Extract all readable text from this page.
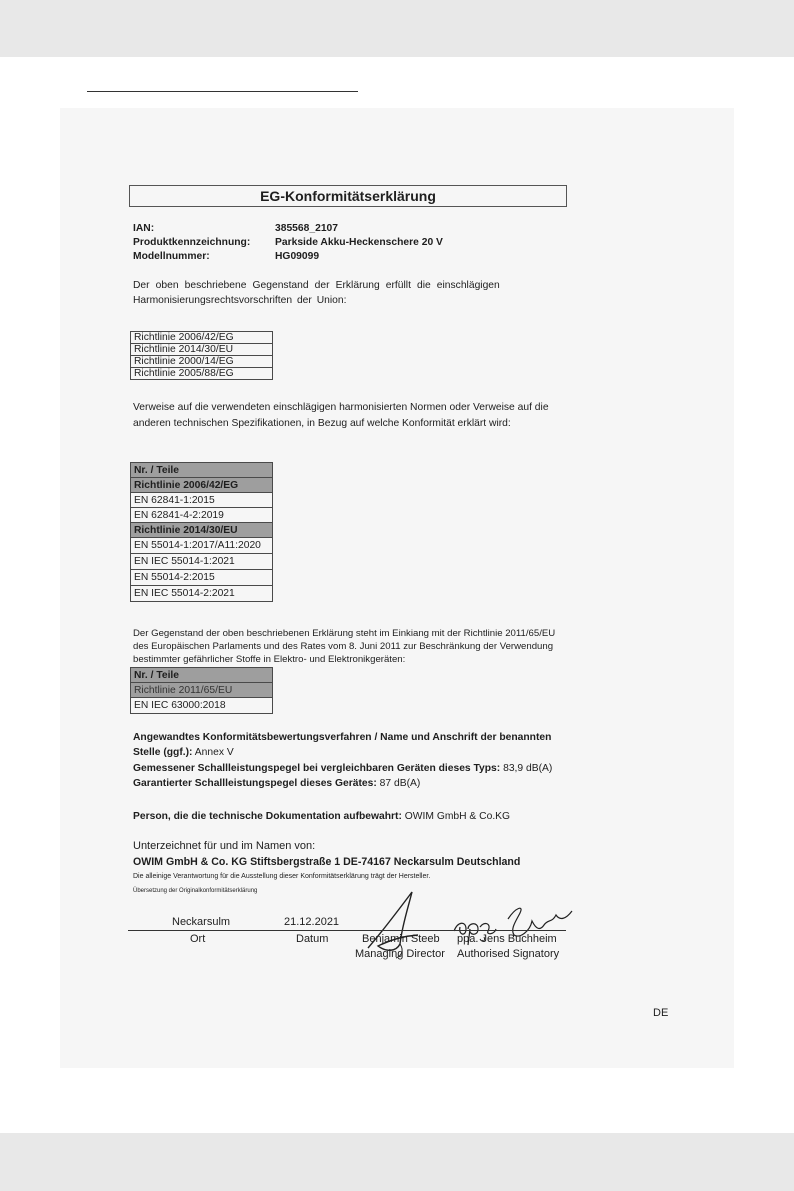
EG-Konformitätserklärung
IAN:	385568_2107
Produktkennzeichnung: Parkside Akku-Heckenschere 20 V
Modellnummer:	HG09099
Der oben beschriebene Gegenstand der Erklärung erfüllt die einschlägigen
Harmonisierungsrechtsvorschriften der Union:
Richtlinie 2006/42/EG
Richtlinie 2014/30/EU
Richtlinie 2000/14/EG
Richtlinie 2005/88/EG
Verweise auf die verwendeten einschlägigen harmonisierten Normen oder Verweise auf die
anderen technischen Spezifikationen, in Bezug auf welche Konformität erklärt wird:
Nr. / Teile
Richtlinie 2006/42/EG
EN 62841-1:2015
EN 62841-4-2:2019
Richtlinie 2014/30/EU
EN 55014-1:2017/A11:2020
EN IEC 55014-1:2021
EN 55014-2:2015
EN IEC 55014-2:2021
Der Gegenstand der oben beschriebenen Erklärung steht im Einkiang mit der Richtlinie 2011/65/EU
des Europäischen Parlaments und des Rates vom 8. Juni 2011 zur Beschränkung der Verwendung
bestimmter gefährlicher Stoffe in Elektro- und Elektronikgeräten:
Nr. / Teile
Richtlinie 2011/65/EU
EN IEC 63000:2018
Angewandtes Konformitätsbewertungsverfahren / Name und Anschrift der benannten
Stelle (ggf.): Annex V
Gemessener Schallleistungspegel bei vergleichbaren Geräten dieses Typs: 83,9 dB(A)
Garantierter Schallleistungspegel dieses Gerätes: 87 dB(A)
Person, die die technische Dokumentation aufbewahrt: OWIM GmbH & Co.KG
Unterzeichnet für und im Namen von:
OWIM GmbH & Co. KG Stiftsbergstraße 1 DE-74167 Neckarsulm Deutschland
Die alleinige Verantwortung für die Ausstellung dieser Konformitätserklärung trägt der Hersteller.
Übersetzung der Originalkonformitätserklärung
Neckarsulm	21.12.2021
Ort	Datum	Benjamin Steeb
Managing Director
ppa. Jens Buchheim
Authorised Signatory
DE
